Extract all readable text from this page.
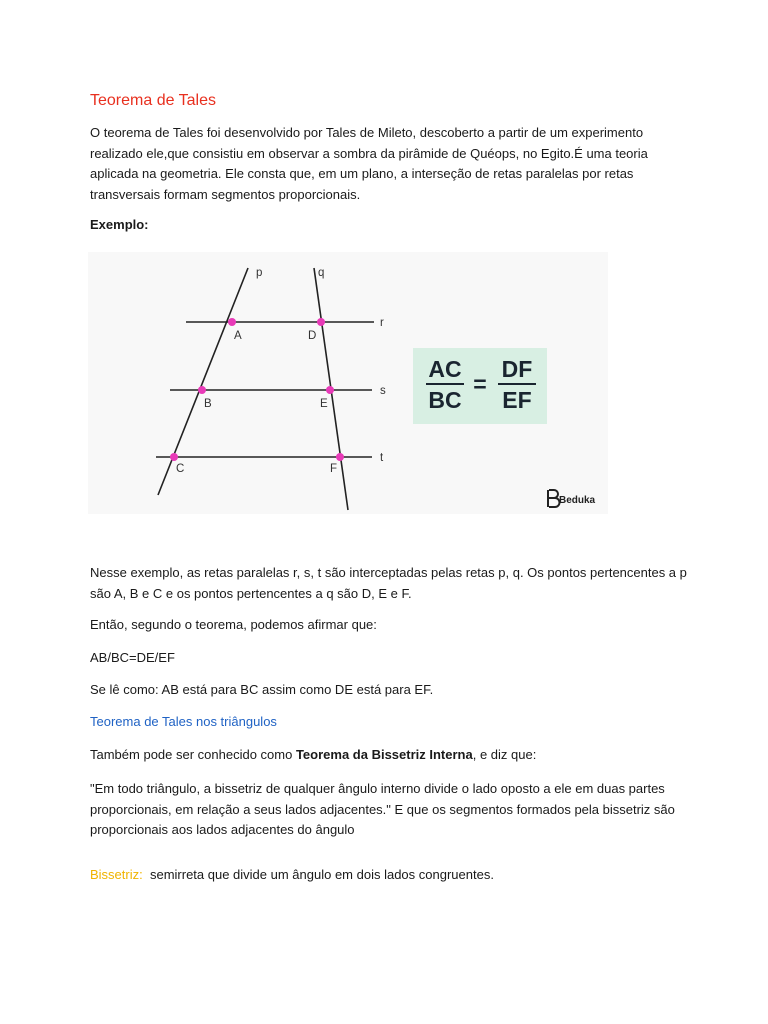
Teorema de Tales

O teorema de Tales foi desenvolvido por Tales de Mileto, descoberto a partir de um experimento realizado ele,que consistiu em observar a sombra da pirâmide de Quéops, no Egito.É uma teoria aplicada na geometria. Ele consta que, em um plano, a interseção de retas paralelas por retas transversais formam segmentos proporcionais.

Exemplo:

p	q
r
s
t
A	D
B	E
C	F
AC
BC
=
DF
EF
Beduka

Nesse exemplo, as retas paralelas r, s, t são interceptadas pelas retas p, q. Os pontos pertencentes a p são A, B e C e os pontos pertencentes a q são D, E e F.

Então, segundo o teorema, podemos afirmar que:

AB/BC=DE/EF

Se lê como: AB está para BC assim como DE está para EF.

Teorema de Tales nos triângulos

Também pode ser conhecido como Teorema da Bissetriz Interna, e diz que:

"Em todo triângulo, a bissetriz de qualquer ângulo interno divide o lado oposto a ele em duas partes proporcionais, em relação a seus lados adjacentes." E que os segmentos formados pela bissetriz são proporcionais aos lados adjacentes do ângulo

Bissetriz:  semirreta que divide um ângulo em dois lados congruentes.
